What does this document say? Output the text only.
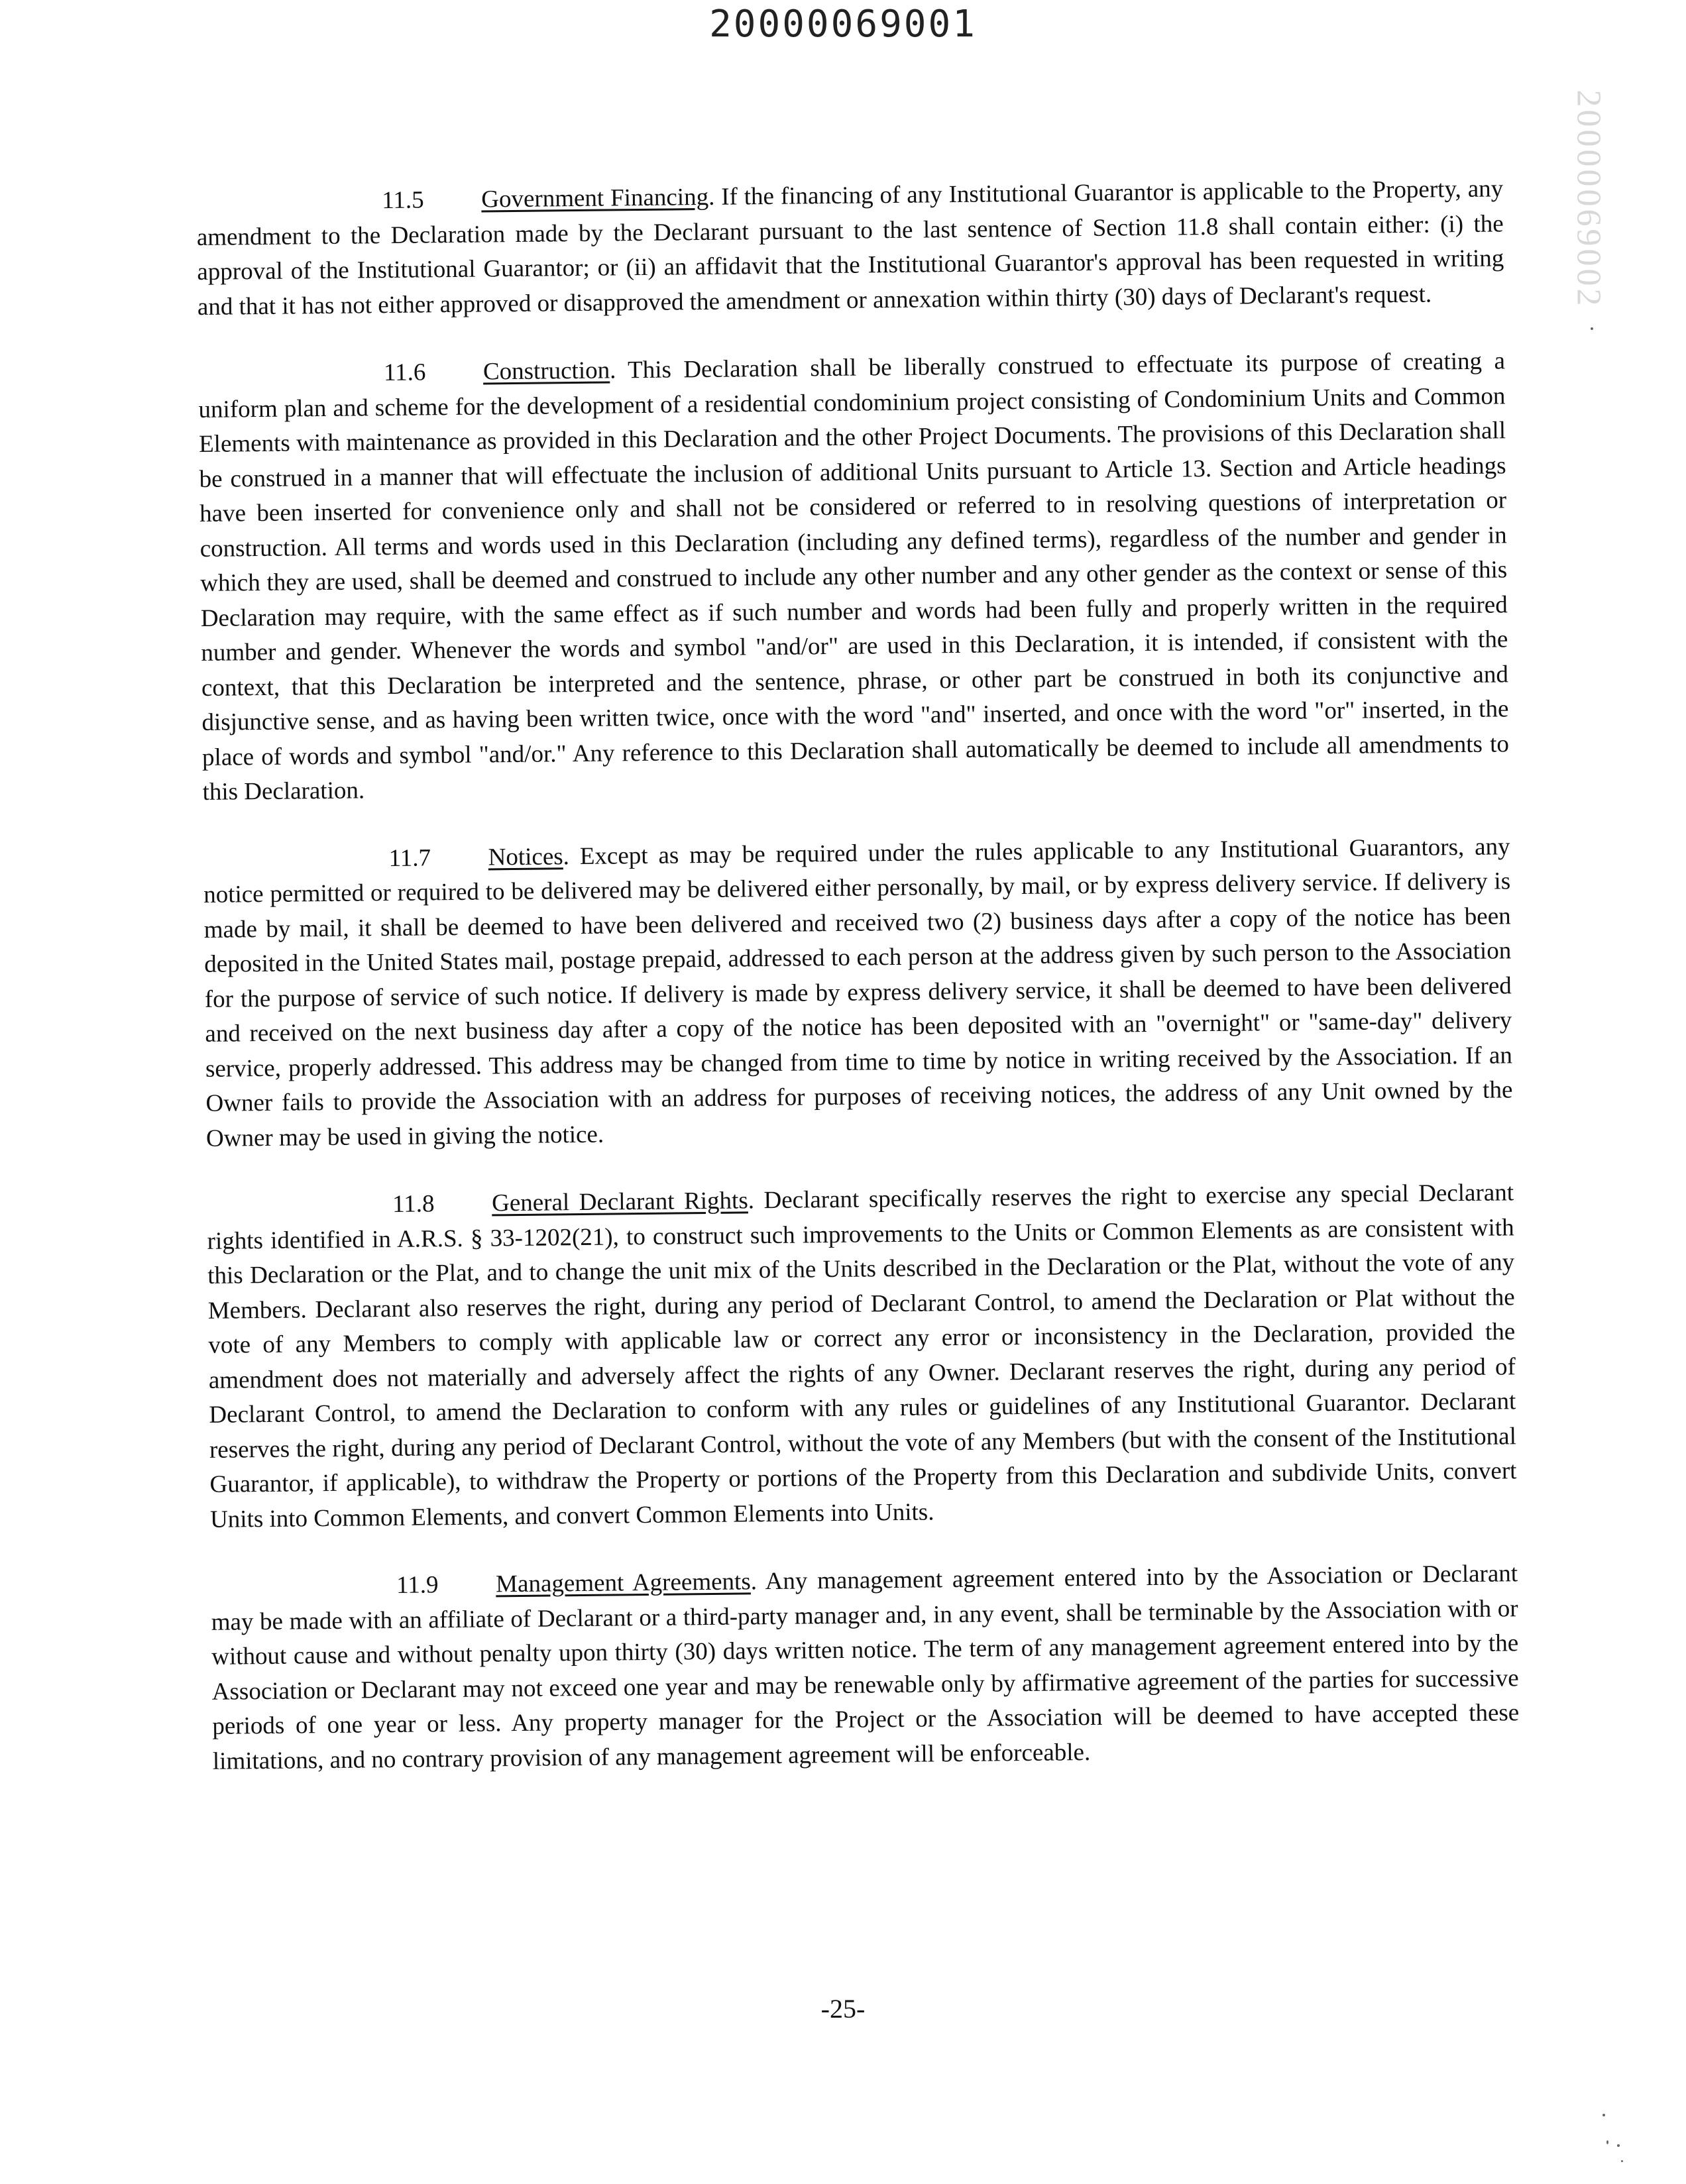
20000069001
20000069002

11.5 Government Financing. If the financing of any Institutional Guarantor is applicable to the Property, any amendment to the Declaration made by the Declarant pursuant to the last sentence of Section 11.8 shall contain either: (i) the approval of the Institutional Guarantor; or (ii) an affidavit that the Institutional Guarantor's approval has been requested in writing and that it has not either approved or disapproved the amendment or annexation within thirty (30) days of Declarant's request.

11.6 Construction. This Declaration shall be liberally construed to effectuate its purpose of creating a uniform plan and scheme for the development of a residential condominium project consisting of Condominium Units and Common Elements with maintenance as provided in this Declaration and the other Project Documents. The provisions of this Declaration shall be construed in a manner that will effectuate the inclusion of additional Units pursuant to Article 13. Section and Article headings have been inserted for convenience only and shall not be considered or referred to in resolving questions of interpretation or construction. All terms and words used in this Declaration (including any defined terms), regardless of the number and gender in which they are used, shall be deemed and construed to include any other number and any other gender as the context or sense of this Declaration may require, with the same effect as if such number and words had been fully and properly written in the required number and gender. Whenever the words and symbol "and/or" are used in this Declaration, it is intended, if consistent with the context, that this Declaration be interpreted and the sentence, phrase, or other part be construed in both its conjunctive and disjunctive sense, and as having been written twice, once with the word "and" inserted, and once with the word "or" inserted, in the place of words and symbol "and/or." Any reference to this Declaration shall automatically be deemed to include all amendments to this Declaration.

11.7 Notices. Except as may be required under the rules applicable to any Institutional Guarantors, any notice permitted or required to be delivered may be delivered either personally, by mail, or by express delivery service. If delivery is made by mail, it shall be deemed to have been delivered and received two (2) business days after a copy of the notice has been deposited in the United States mail, postage prepaid, addressed to each person at the address given by such person to the Association for the purpose of service of such notice. If delivery is made by express delivery service, it shall be deemed to have been delivered and received on the next business day after a copy of the notice has been deposited with an "overnight" or "same-day" delivery service, properly addressed. This address may be changed from time to time by notice in writing received by the Association. If an Owner fails to provide the Association with an address for purposes of receiving notices, the address of any Unit owned by the Owner may be used in giving the notice.

11.8 General Declarant Rights. Declarant specifically reserves the right to exercise any special Declarant rights identified in A.R.S. § 33-1202(21), to construct such improvements to the Units or Common Elements as are consistent with this Declaration or the Plat, and to change the unit mix of the Units described in the Declaration or the Plat, without the vote of any Members. Declarant also reserves the right, during any period of Declarant Control, to amend the Declaration or Plat without the vote of any Members to comply with applicable law or correct any error or inconsistency in the Declaration, provided the amendment does not materially and adversely affect the rights of any Owner. Declarant reserves the right, during any period of Declarant Control, to amend the Declaration to conform with any rules or guidelines of any Institutional Guarantor. Declarant reserves the right, during any period of Declarant Control, without the vote of any Members (but with the consent of the Institutional Guarantor, if applicable), to withdraw the Property or portions of the Property from this Declaration and subdivide Units, convert Units into Common Elements, and convert Common Elements into Units.

11.9 Management Agreements. Any management agreement entered into by the Association or Declarant may be made with an affiliate of Declarant or a third-party manager and, in any event, shall be terminable by the Association with or without cause and without penalty upon thirty (30) days written notice. The term of any management agreement entered into by the Association or Declarant may not exceed one year and may be renewable only by affirmative agreement of the parties for successive periods of one year or less. Any property manager for the Project or the Association will be deemed to have accepted these limitations, and no contrary provision of any management agreement will be enforceable.

-25-
